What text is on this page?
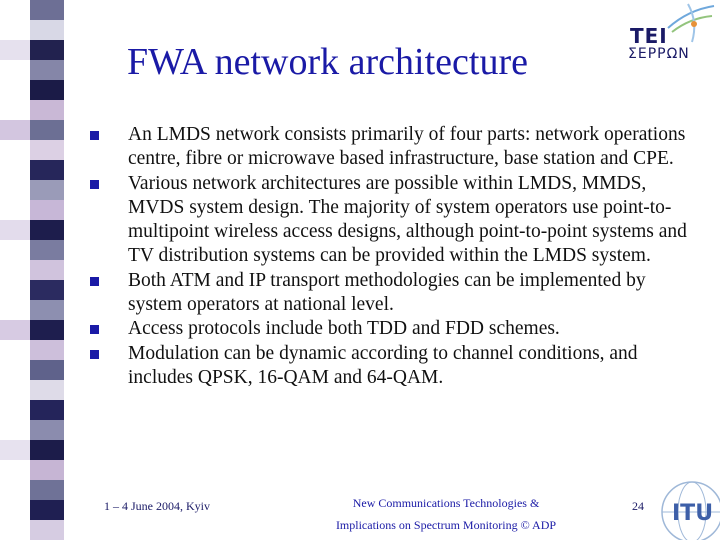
FWA network architecture
TEI
ΣΕΡΡΩΝ
An LMDS network consists primarily of four parts: network operations centre, fibre or microwave based infrastructure, base station and CPE.
Various network architectures are possible within LMDS, MMDS, MVDS system design. The majority of system operators use point-to-multipoint wireless access designs, although point-to-point systems and TV distribution systems can be provided within the LMDS system.
Both ATM and IP transport methodologies can be implemented by system operators at national level.
Access protocols include both TDD and FDD schemes.
Modulation can be dynamic according to channel conditions, and includes QPSK, 16-QAM and 64-QAM.
1 – 4 June 2004, Kyiv	New Communications Technologies &
Implications on Spectrum Monitoring © ADP
24 ITU
